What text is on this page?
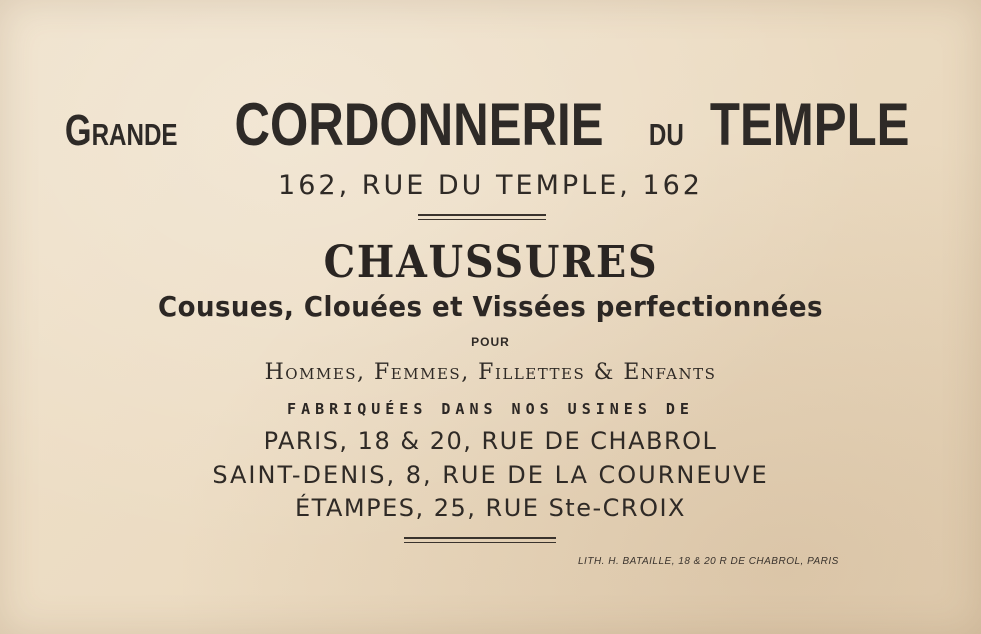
Grande CORDONNERIE du TEMPLE
162, RUE DU TEMPLE, 162
CHAUSSURES
Cousues, Clouées et Vissées perfectionnées
POUR
Hommes, Femmes, Fillettes & Enfants
FABRIQUÉES DANS NOS USINES DE
PARIS, 18 & 20, RUE DE CHABROL
SAINT-DENIS, 8, RUE DE LA COURNEUVE
ÉTAMPES, 25, RUE Ste-CROIX
LITH. H. BATAILLE, 18 & 20 R DE CHABROL, PARIS
